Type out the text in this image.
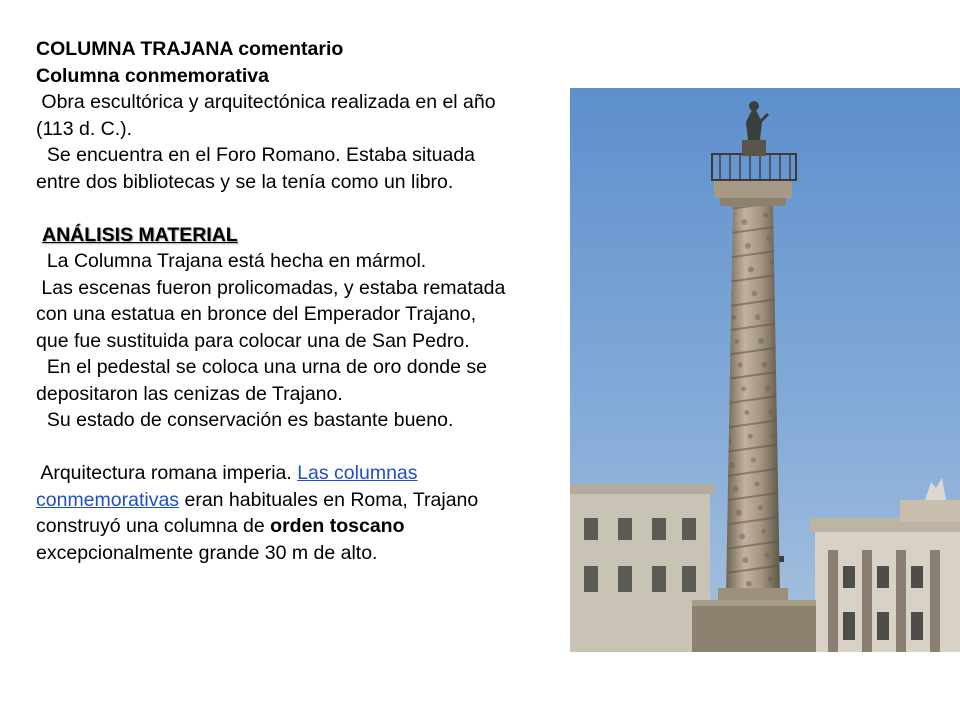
COLUMNA TRAJANA comentario

Columna conmemorativa

Obra escultórica y arquitectónica realizada en el año

(113 d. C.).

Se encuentra en el Foro Romano. Estaba situada

entre dos bibliotecas y se la tenía como un libro.

ANÁLISIS MATERIAL

La Columna Trajana está hecha en mármol.

Las escenas fueron prolicomadas, y estaba rematada

con una estatua en bronce del Emperador Trajano,

que fue sustituida para colocar una de San Pedro.

En el pedestal se coloca una urna de oro donde se

depositaron las cenizas de Trajano.

Su estado de conservación es bastante bueno.

Arquitectura romana imperia. Las columnas

conmemorativas eran habituales en Roma, Trajano

construyó una columna de orden toscano

excepcionalmente grande 30 m de alto.
